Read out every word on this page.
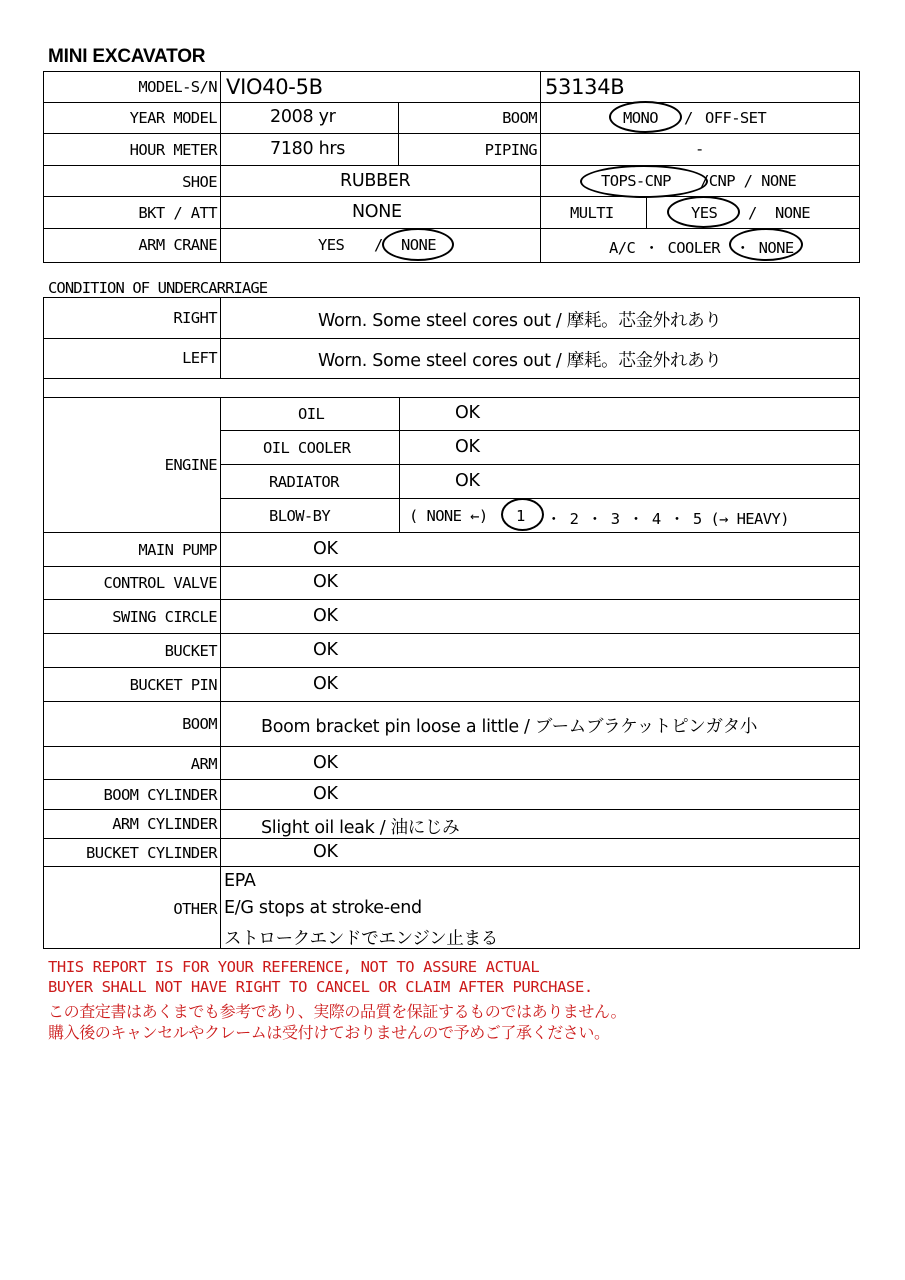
MINI EXCAVATOR
MODEL-S/N VIO40-5B	53134B
YEAR MODEL	2008 yr	BOOM	MONO / OFF-SET
HOUR METER	7180 hrs	PIPING	-
SHOE	RUBBER	TOPS-CNP /CNP / NONE
BKT / ATT	NONE	MULTI	YES / NONE
ARM CRANE	YES / NONE	A/C ・ COOLER ・ NONE
CONDITION OF UNDERCARRIAGE
RIGHT	Worn. Some steel cores out / 摩耗。芯金外れあり
LEFT	Worn. Some steel cores out / 摩耗。芯金外れあり
ENGINE
OIL	OK
OIL COOLER	OK
RADIATOR	OK
BLOW-BY	( NONE ←) 1 ・ 2 ・ 3 ・ 4 ・ 5 (→ HEAVY)
MAIN PUMP	OK
CONTROL VALVE	OK
SWING CIRCLE	OK
BUCKET	OK
BUCKET PIN	OK
BOOM	Boom bracket pin loose a little / ブームブラケットピンガタ小
ARM	OK
BOOM CYLINDER	OK
ARM CYLINDER	Slight oil leak / 油にじみ
BUCKET CYLINDER	OK
OTHER
EPA
E/G stops at stroke-end
ストロークエンドでエンジン止まる
THIS REPORT IS FOR YOUR REFERENCE, NOT TO ASSURE ACTUAL
BUYER SHALL NOT HAVE RIGHT TO CANCEL OR CLAIM AFTER PURCHASE.
この査定書はあくまでも参考であり、実際の品質を保証するものではありません。
購入後のキャンセルやクレームは受付けておりませんので予めご了承ください。
